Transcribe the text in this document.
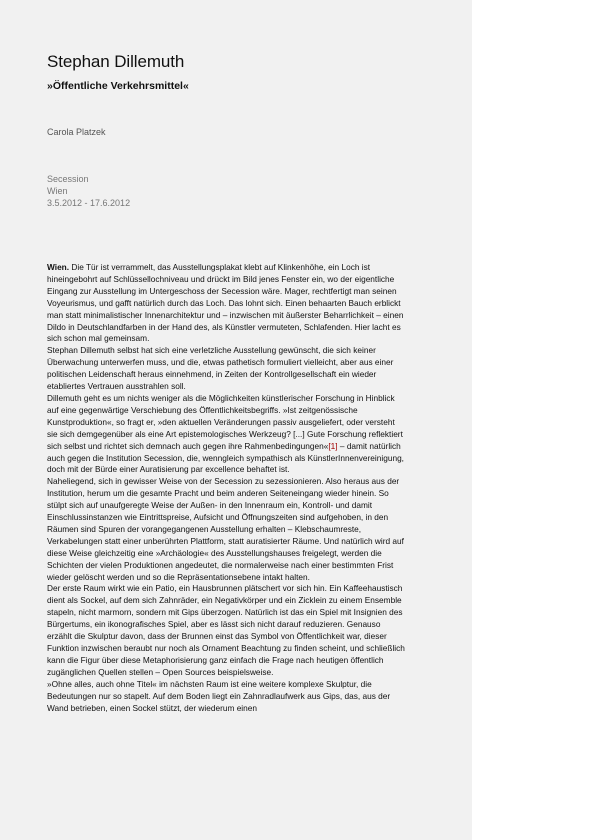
Stephan Dillemuth
»Öffentliche Verkehrsmittel«
Carola Platzek
Secession
Wien
3.5.2012 - 17.6.2012

Wien. Die Tür ist verrammelt, das Ausstellungsplakat klebt auf Klinkenhöhe, ein Loch ist hineingebohrt auf Schlüssellochniveau und drückt im Bild jenes Fenster ein, wo der eigentliche Eingang zur Ausstellung im Untergeschoss der Secession wäre. Mager, rechtfertigt man seinen Voyeurismus, und gafft natürlich durch das Loch. Das lohnt sich. Einen behaarten Bauch erblickt man statt minimalistischer Innenarchitektur und – inzwischen mit äußerster Beharrlichkeit – einen Dildo in Deutschlandfarben in der Hand des, als Künstler vermuteten, Schlafenden. Hier lacht es sich schon mal gemeinsam.

Stephan Dillemuth selbst hat sich eine verletzliche Ausstellung gewünscht, die sich keiner Überwachung unterwerfen muss, und die, etwas pathetisch formuliert vielleicht, aber aus einer politischen Leidenschaft heraus einnehmend, in Zeiten der Kontrollgesellschaft ein wieder etabliertes Vertrauen ausstrahlen soll.

Dillemuth geht es um nichts weniger als die Möglichkeiten künstlerischer Forschung in Hinblick auf eine gegenwärtige Verschiebung des Öffentlichkeitsbegriffs. »Ist zeitgenössische Kunstproduktion«, so fragt er, »den aktuellen Veränderungen passiv ausgeliefert, oder versteht sie sich demgegenüber als eine Art epistemologisches Werkzeug? [...] Gute Forschung reflektiert sich selbst und richtet sich demnach auch gegen ihre Rahmenbedingungen«[1] – damit natürlich auch gegen die Institution Secession, die, wenngleich sympathisch als KünstlerInnenvereinigung, doch mit der Bürde einer Auratisierung par excellence behaftet ist.

Naheliegend, sich in gewisser Weise von der Secession zu sezessionieren. Also heraus aus der Institution, herum um die gesamte Pracht und beim anderen Seiteneingang wieder hinein. So stülpt sich auf unaufgeregte Weise der Außen- in den Innenraum ein, Kontroll- und damit Einschlussinstanzen wie Eintrittspreise, Aufsicht und Öffnungszeiten sind aufgehoben, in den Räumen sind Spuren der vorangegangenen Ausstellung erhalten – Klebschaumreste, Verkabelungen statt einer unberührten Plattform, statt auratisierter Räume. Und natürlich wird auf diese Weise gleichzeitig eine »Archäologie« des Ausstellungshauses freigelegt, werden die Schichten der vielen Produktionen angedeutet, die normalerweise nach einer bestimmten Frist wieder gelöscht werden und so die Repräsentationsebene intakt halten.

Der erste Raum wirkt wie ein Patio, ein Hausbrunnen plätschert vor sich hin. Ein Kaffeehaustisch dient als Sockel, auf dem sich Zahnräder, ein Negativkörper und ein Zicklein zu einem Ensemble stapeln, nicht marmorn, sondern mit Gips überzogen. Natürlich ist das ein Spiel mit Insignien des Bürgertums, ein ikonografisches Spiel, aber es lässt sich nicht darauf reduzieren. Genauso erzählt die Skulptur davon, dass der Brunnen einst das Symbol von Öffentlichkeit war, dieser Funktion inzwischen beraubt nur noch als Ornament Beachtung zu finden scheint, und schließlich kann die Figur über diese Metaphorisierung ganz einfach die Frage nach heutigen öffentlich zugänglichen Quellen stellen – Open Sources beispielsweise.

»Ohne alles, auch ohne Titel« im nächsten Raum ist eine weitere komplexe Skulptur, die Bedeutungen nur so stapelt. Auf dem Boden liegt ein Zahnradlaufwerk aus Gips, das, aus der Wand betrieben, einen Sockel stützt, der wiederum einen
